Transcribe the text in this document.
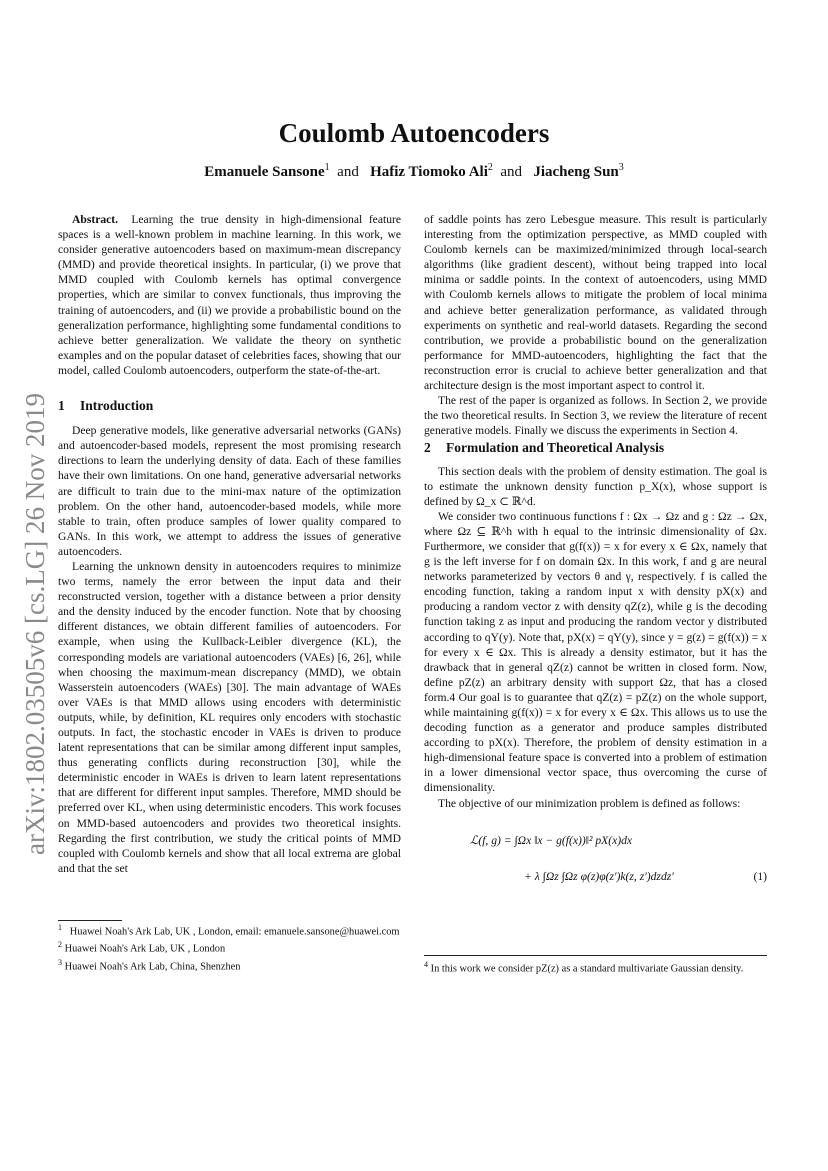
arXiv:1802.03505v6 [cs.LG] 26 Nov 2019
Coulomb Autoencoders
Emanuele Sansone$^1$ and Hafiz Tiomoko Ali$^2$ and Jiacheng Sun$^3$

Abstract. Learning the true density in high-dimensional feature spaces is a well-known problem in machine learning. In this work, we consider generative autoencoders based on maximum-mean discrepancy (MMD) and provide theoretical insights. In particular, (i) we prove that MMD coupled with Coulomb kernels has optimal convergence properties, which are similar to convex functionals, thus improving the training of autoencoders, and (ii) we provide a probabilistic bound on the generalization performance, highlighting some fundamental conditions to achieve better generalization. We validate the theory on synthetic examples and on the popular dataset of celebrities faces, showing that our model, called Coulomb autoencoders, outperform the state-of-the-art.

1 Introduction

Deep generative models, like generative adversarial networks (GANs) and autoencoder-based models, represent the most promising research directions to learn the underlying density of data. Each of these families have their own limitations. On one hand, generative adversarial networks are difficult to train due to the mini-max nature of the optimization problem. On the other hand, autoencoder-based models, while more stable to train, often produce samples of lower quality compared to GANs. In this work, we attempt to address the issues of generative autoencoders.

Learning the unknown density in autoencoders requires to minimize two terms, namely the error between the input data and their reconstructed version, together with a distance between a prior density and the density induced by the encoder function. Note that by choosing different distances, we obtain different families of autoencoders. For example, when using the Kullback-Leibler divergence (KL), the corresponding models are variational autoencoders (VAEs) [6, 26], while when choosing the maximum-mean discrepancy (MMD), we obtain Wasserstein autoencoders (WAEs) [30]. The main advantage of WAEs over VAEs is that MMD allows using encoders with deterministic outputs, while, by definition, KL requires only encoders with stochastic outputs. In fact, the stochastic encoder in VAEs is driven to produce latent representations that can be similar among different input samples, thus generating conflicts during reconstruction [30], while the deterministic encoder in WAEs is driven to learn latent representations that are different for different input samples. Therefore, MMD should be preferred over KL, when using deterministic encoders. This work focuses on MMD-based autoencoders and provides two theoretical insights. Regarding the first contribution, we study the critical points of MMD coupled with Coulomb kernels and show that all local extrema are global and that the set

of saddle points has zero Lebesgue measure. This result is particularly interesting from the optimization perspective, as MMD coupled with Coulomb kernels can be maximized/minimized through local-search algorithms (like gradient descent), without being trapped into local minima or saddle points. In the context of autoencoders, using MMD with Coulomb kernels allows to mitigate the problem of local minima and achieve better generalization performance, as validated through experiments on synthetic and real-world datasets. Regarding the second contribution, we provide a probabilistic bound on the generalization performance for MMD-autoencoders, highlighting the fact that the reconstruction error is crucial to achieve better generalization and that architecture design is the most important aspect to control it.

The rest of the paper is organized as follows. In Section 2, we provide the two theoretical results. In Section 3, we review the literature of recent generative models. Finally we discuss the experiments in Section 4.

2 Formulation and Theoretical Analysis

This section deals with the problem of density estimation. The goal is to estimate the unknown density function p_X(x), whose support is defined by Ω_x ⊂ ℝ^d.

We consider two continuous functions f : Ωx → Ωz and g : Ωz → Ωx, where Ωz ⊆ ℝ^h with h equal to the intrinsic dimensionality of Ωx. Furthermore, we consider that g(f(x)) = x for every x ∈ Ωx, namely that g is the left inverse for f on domain Ωx. In this work, f and g are neural networks parameterized by vectors θ and γ, respectively. f is called the encoding function, taking a random input x with density pX(x) and producing a random vector z with density qZ(z), while g is the decoding function taking z as input and producing the random vector y distributed according to qY(y). Note that, pX(x) = qY(y), since y = g(z) = g(f(x)) = x for every x ∈ Ωx. This is already a density estimator, but it has the drawback that in general qZ(z) cannot be written in closed form. Now, define pZ(z) an arbitrary density with support Ωz, that has a closed form.4 Our goal is to guarantee that qZ(z) = pZ(z) on the whole support, while maintaining g(f(x)) = x for every x ∈ Ωx. This allows us to use the decoding function as a generator and produce samples distributed according to pX(x). Therefore, the problem of density estimation in a high-dimensional feature space is converted into a problem of estimation in a lower dimensional vector space, thus overcoming the curse of dimensionality.

The objective of our minimization problem is defined as follows:

ℒ(f, g) = ∫Ωx ‖x − g(f(x))‖² pX(x)dx
+ λ ∫Ωz ∫Ωz φ(z)φ(z′)k(z, z′)dzdz′	(1)
$^1$ Huawei Noah's Ark Lab, UK , London, email: emanuele.sansone@huawei.com
$^2$ Huawei Noah's Ark Lab, UK , London
$^3$ Huawei Noah's Ark Lab, China, Shenzhen	$^4$ In this work we consider pZ(z) as a standard multivariate Gaussian density.
